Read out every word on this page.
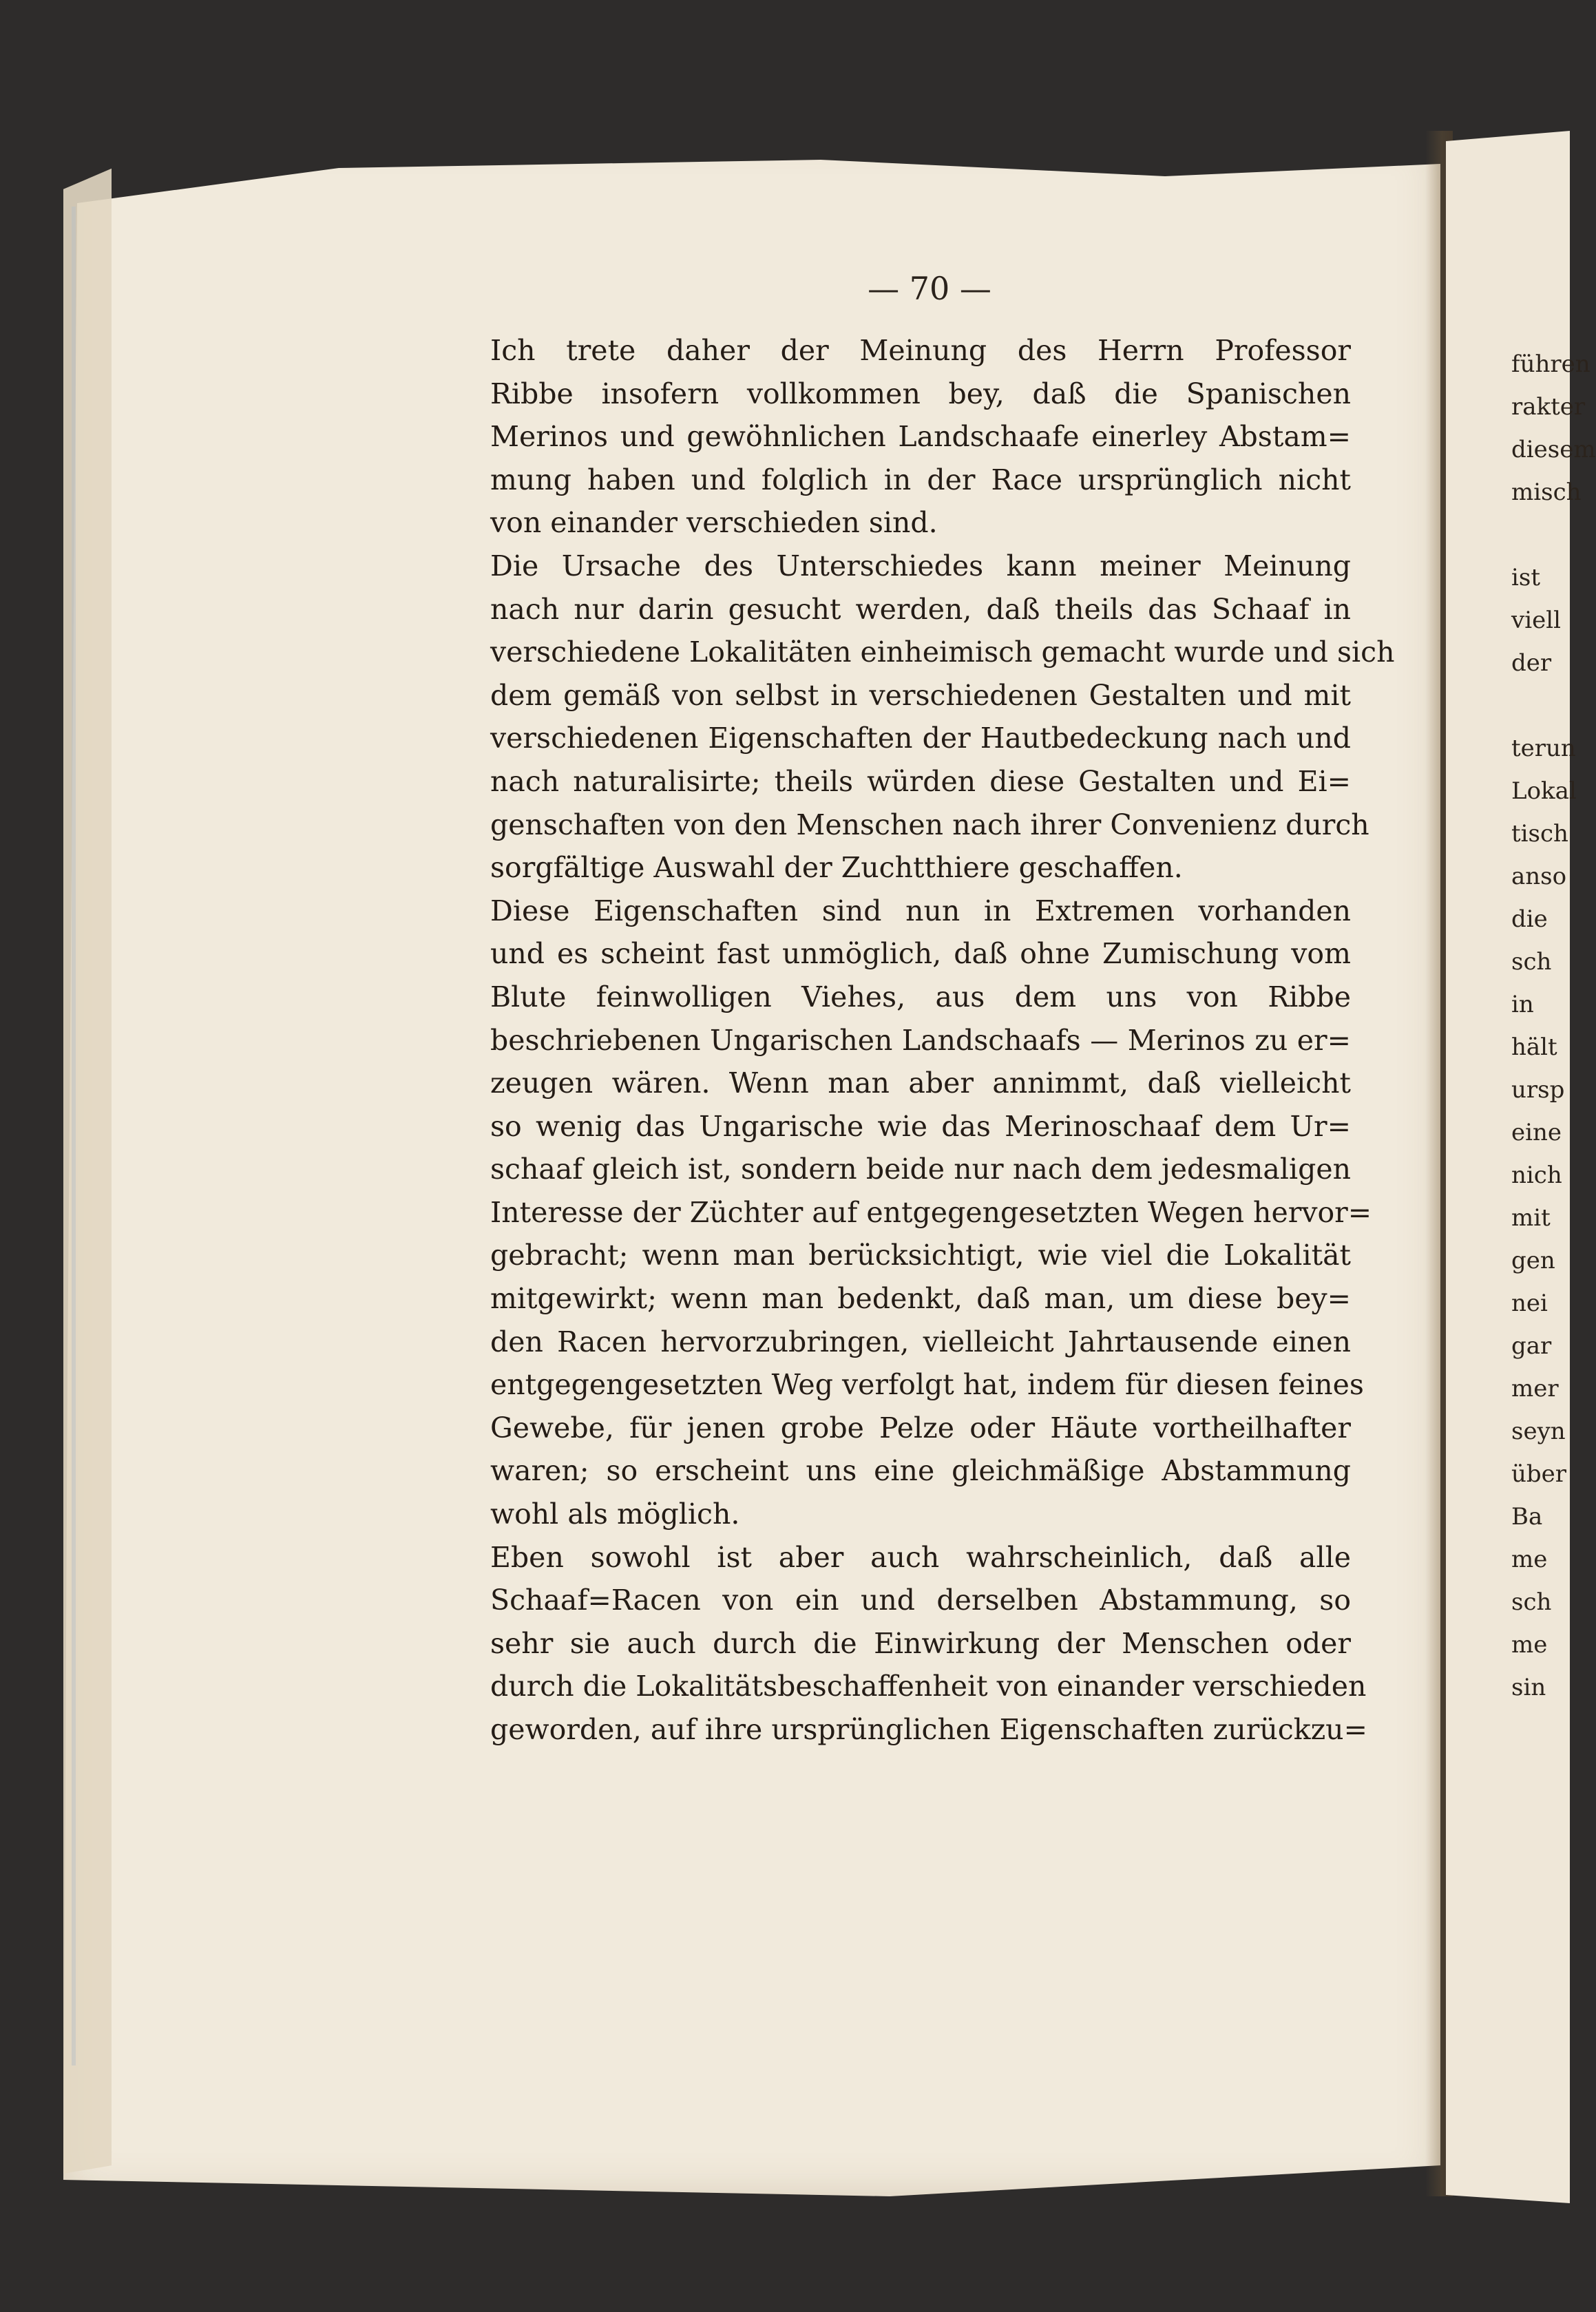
— 70 —
Ich trete daher der Meinung des Herrn Professor
Ribbe insofern vollkommen bey, daß die Spanischen
Merinos und gewöhnlichen Landschaafe einerley Abstam=
mung haben und folglich in der Race ursprünglich nicht
von einander verschieden sind.
Die Ursache des Unterschiedes kann meiner Meinung
nach nur darin gesucht werden, daß theils das Schaaf in
verschiedene Lokalitäten einheimisch gemacht wurde und sich
dem gemäß von selbst in verschiedenen Gestalten und mit
verschiedenen Eigenschaften der Hautbedeckung nach und
nach naturalisirte; theils würden diese Gestalten und Ei=
genschaften von den Menschen nach ihrer Convenienz durch
sorgfältige Auswahl der Zuchtthiere geschaffen.
Diese Eigenschaften sind nun in Extremen vorhanden
und es scheint fast unmöglich, daß ohne Zumischung vom
Blute feinwolligen Viehes, aus dem uns von Ribbe
beschriebenen Ungarischen Landschaafs — Merinos zu er=
zeugen wären. Wenn man aber annimmt, daß vielleicht
so wenig das Ungarische wie das Merinoschaaf dem Ur=
schaaf gleich ist, sondern beide nur nach dem jedesmaligen
Interesse der Züchter auf entgegengesetzten Wegen hervor=
gebracht; wenn man berücksichtigt, wie viel die Lokalität
mitgewirkt; wenn man bedenkt, daß man, um diese bey=
den Racen hervorzubringen, vielleicht Jahrtausende einen
entgegengesetzten Weg verfolgt hat, indem für diesen feines
Gewebe, für jenen grobe Pelze oder Häute vortheilhafter
waren; so erscheint uns eine gleichmäßige Abstammung
wohl als möglich.
Eben sowohl ist aber auch wahrscheinlich, daß alle
Schaaf=Racen von ein und derselben Abstammung, so
sehr sie auch durch die Einwirkung der Menschen oder
durch die Lokalitätsbeschaffenheit von einander verschieden
geworden, auf ihre ursprünglichen Eigenschaften zurückzu=
führen
rakter
diesem
misch
ist
viell
der
terun
Lokal
tisch
anso
die
sch
in
hält
ursp
eine
nich
mit
gen
nei
gar
mer
seyn
über
Ba
me
sch
me
sin
